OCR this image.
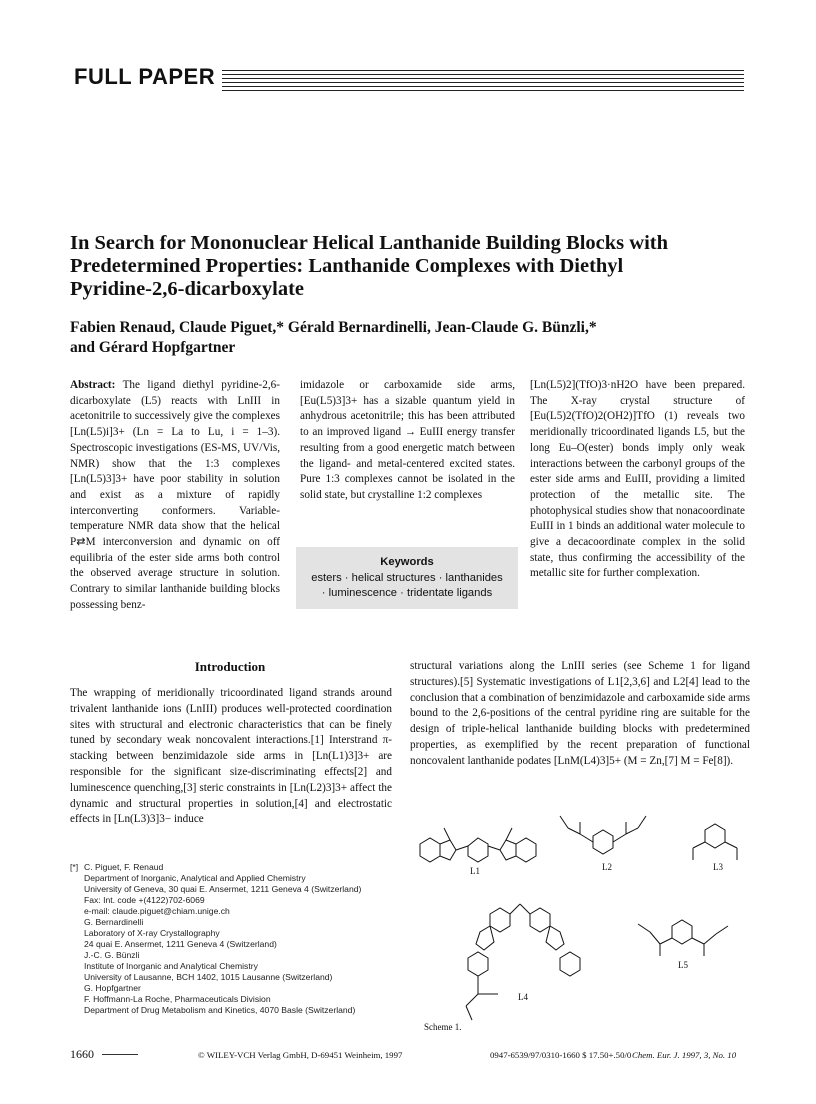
FULL PAPER
In Search for Mononuclear Helical Lanthanide Building Blocks with Predetermined Properties: Lanthanide Complexes with Diethyl Pyridine-2,6-dicarboxylate
Fabien Renaud, Claude Piguet,* Gérald Bernardinelli, Jean-Claude G. Bünzli,*
and Gérard Hopfgartner

Abstract: The ligand diethyl pyridine-2,6-dicarboxylate (L5) reacts with LnIII in acetonitrile to successively give the complexes [Ln(L5)i]3+ (Ln = La to Lu, i = 1–3). Spectroscopic investigations (ES-MS, UV/Vis, NMR) show that the 1:3 complexes [Ln(L5)3]3+ have poor stability in solution and exist as a mixture of rapidly interconverting conformers. Variable-temperature NMR data show that the helical P⇄M interconversion and dynamic on off equilibria of the ester side arms both control the observed average structure in solution. Contrary to similar lanthanide building blocks possessing benz-

imidazole or carboxamide side arms, [Eu(L5)3]3+ has a sizable quantum yield in anhydrous acetonitrile; this has been attributed to an improved ligand → EuIII energy transfer resulting from a good energetic match between the ligand- and metal-centered excited states. Pure 1:3 complexes cannot be isolated in the solid state, but crystalline 1:2 complexes

[Ln(L5)2](TfO)3·nH2O have been prepared. The X-ray crystal structure of [Eu(L5)2(TfO)2(OH2)]TfO (1) reveals two meridionally tricoordinated ligands L5, but the long Eu–O(ester) bonds imply only weak interactions between the carbonyl groups of the ester side arms and EuIII, providing a limited protection of the metallic site. The photophysical studies show that nonacoordinate EuIII in 1 binds an additional water molecule to give a decacoordinate complex in the solid state, thus confirming the accessibility of the metallic site for further complexation.

Keywords
esters · helical structures · lanthanides
· luminescence · tridentate ligands
Introduction
The wrapping of meridionally tricoordinated ligand strands around trivalent lanthanide ions (LnIII) produces well-protected coordination sites with structural and electronic characteristics that can be finely tuned by secondary weak noncovalent interactions.[1] Interstrand π-stacking between benzimidazole side arms in [Ln(L1)3]3+ are responsible for the significant size-discriminating effects[2] and luminescence quenching,[3] steric constraints in [Ln(L2)3]3+ affect the dynamic and structural properties in solution,[4] and electrostatic effects in [Ln(L3)3]3− induce
structural variations along the LnIII series (see Scheme 1 for ligand structures).[5] Systematic investigations of L1[2,3,6] and L2[4] lead to the conclusion that a combination of benzimidazole and carboxamide side arms bound to the 2,6-positions of the central pyridine ring are suitable for the design of triple-helical lanthanide building blocks with predetermined properties, as exemplified by the recent preparation of functional noncovalent lanthanide podates [LnM(L4)3]5+ (M = Zn,[7] M = Fe[8]).
[*] C. Piguet, F. Renaud
Department of Inorganic, Analytical and Applied Chemistry
University of Geneva, 30 quai E. Ansermet, 1211 Geneva 4 (Switzerland)
Fax: Int. code +(4122)702-6069
e-mail: claude.piguet@chiam.unige.ch
G. Bernardinelli
Laboratory of X-ray Crystallography
24 quai E. Ansermet, 1211 Geneva 4 (Switzerland)
J.-C. G. Bünzli
Institute of Inorganic and Analytical Chemistry
University of Lausanne, BCH 1402, 1015 Lausanne (Switzerland)
G. Hopfgartner
F. Hoffmann-La Roche, Pharmaceuticals Division
Department of Drug Metabolism and Kinetics, 4070 Basle (Switzerland)
L1	L2	L3
L4
L5
Scheme 1.
1660	© WILEY-VCH Verlag GmbH, D-69451 Weinheim, 1997	0947-6539/97/0310-1660 $ 17.50+.50/0 Chem. Eur. J. 1997, 3, No. 10
